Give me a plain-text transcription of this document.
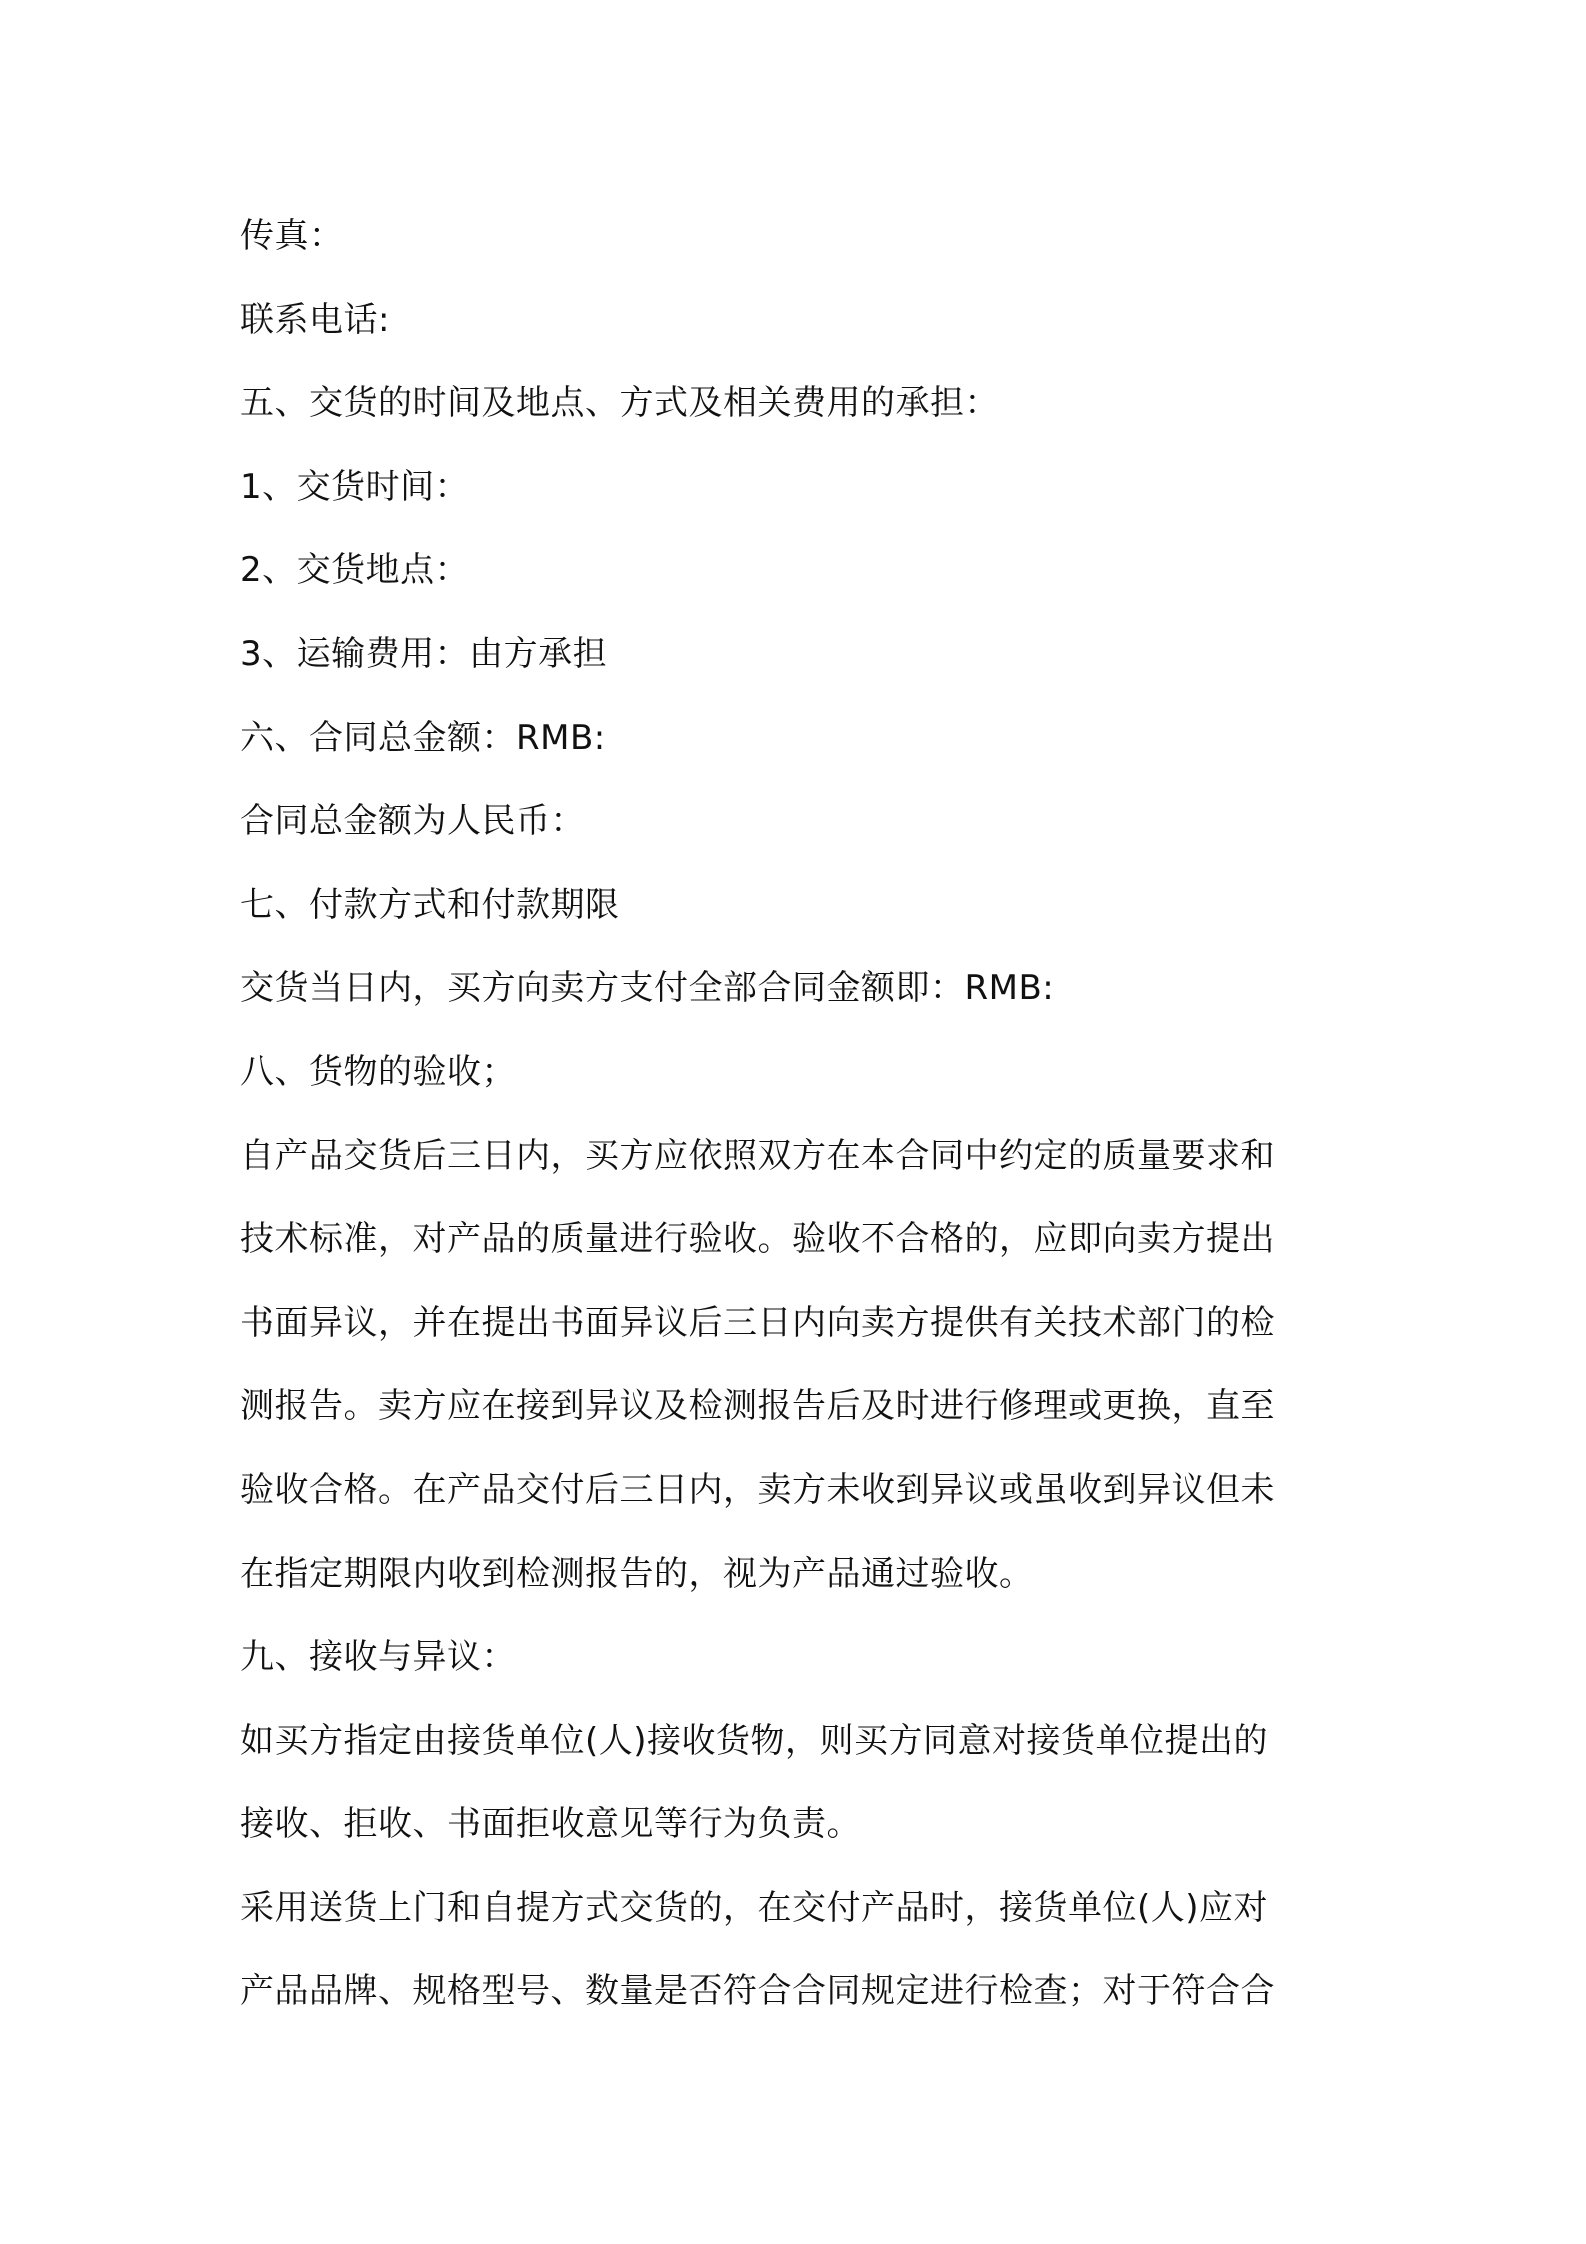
传真：
联系电话:
五、交货的时间及地点、方式及相关费用的承担：
1、交货时间：
2、交货地点：
3、运输费用：由方承担
六、合同总金额：RMB:
合同总金额为人民币：
七、付款方式和付款期限
交货当日内，买方向卖方支付全部合同金额即：RMB:
八、货物的验收；
自产品交货后三日内，买方应依照双方在本合同中约定的质量要求和
技术标准，对产品的质量进行验收。验收不合格的，应即向卖方提出
书面异议，并在提出书面异议后三日内向卖方提供有关技术部门的检
测报告。卖方应在接到异议及检测报告后及时进行修理或更换，直至
验收合格。在产品交付后三日内，卖方未收到异议或虽收到异议但未
在指定期限内收到检测报告的，视为产品通过验收。
九、接收与异议：
如买方指定由接货单位(人)接收货物，则买方同意对接货单位提出的
接收、拒收、书面拒收意见等行为负责。
采用送货上门和自提方式交货的，在交付产品时，接货单位(人)应对
产品品牌、规格型号、数量是否符合合同规定进行检查；对于符合合
